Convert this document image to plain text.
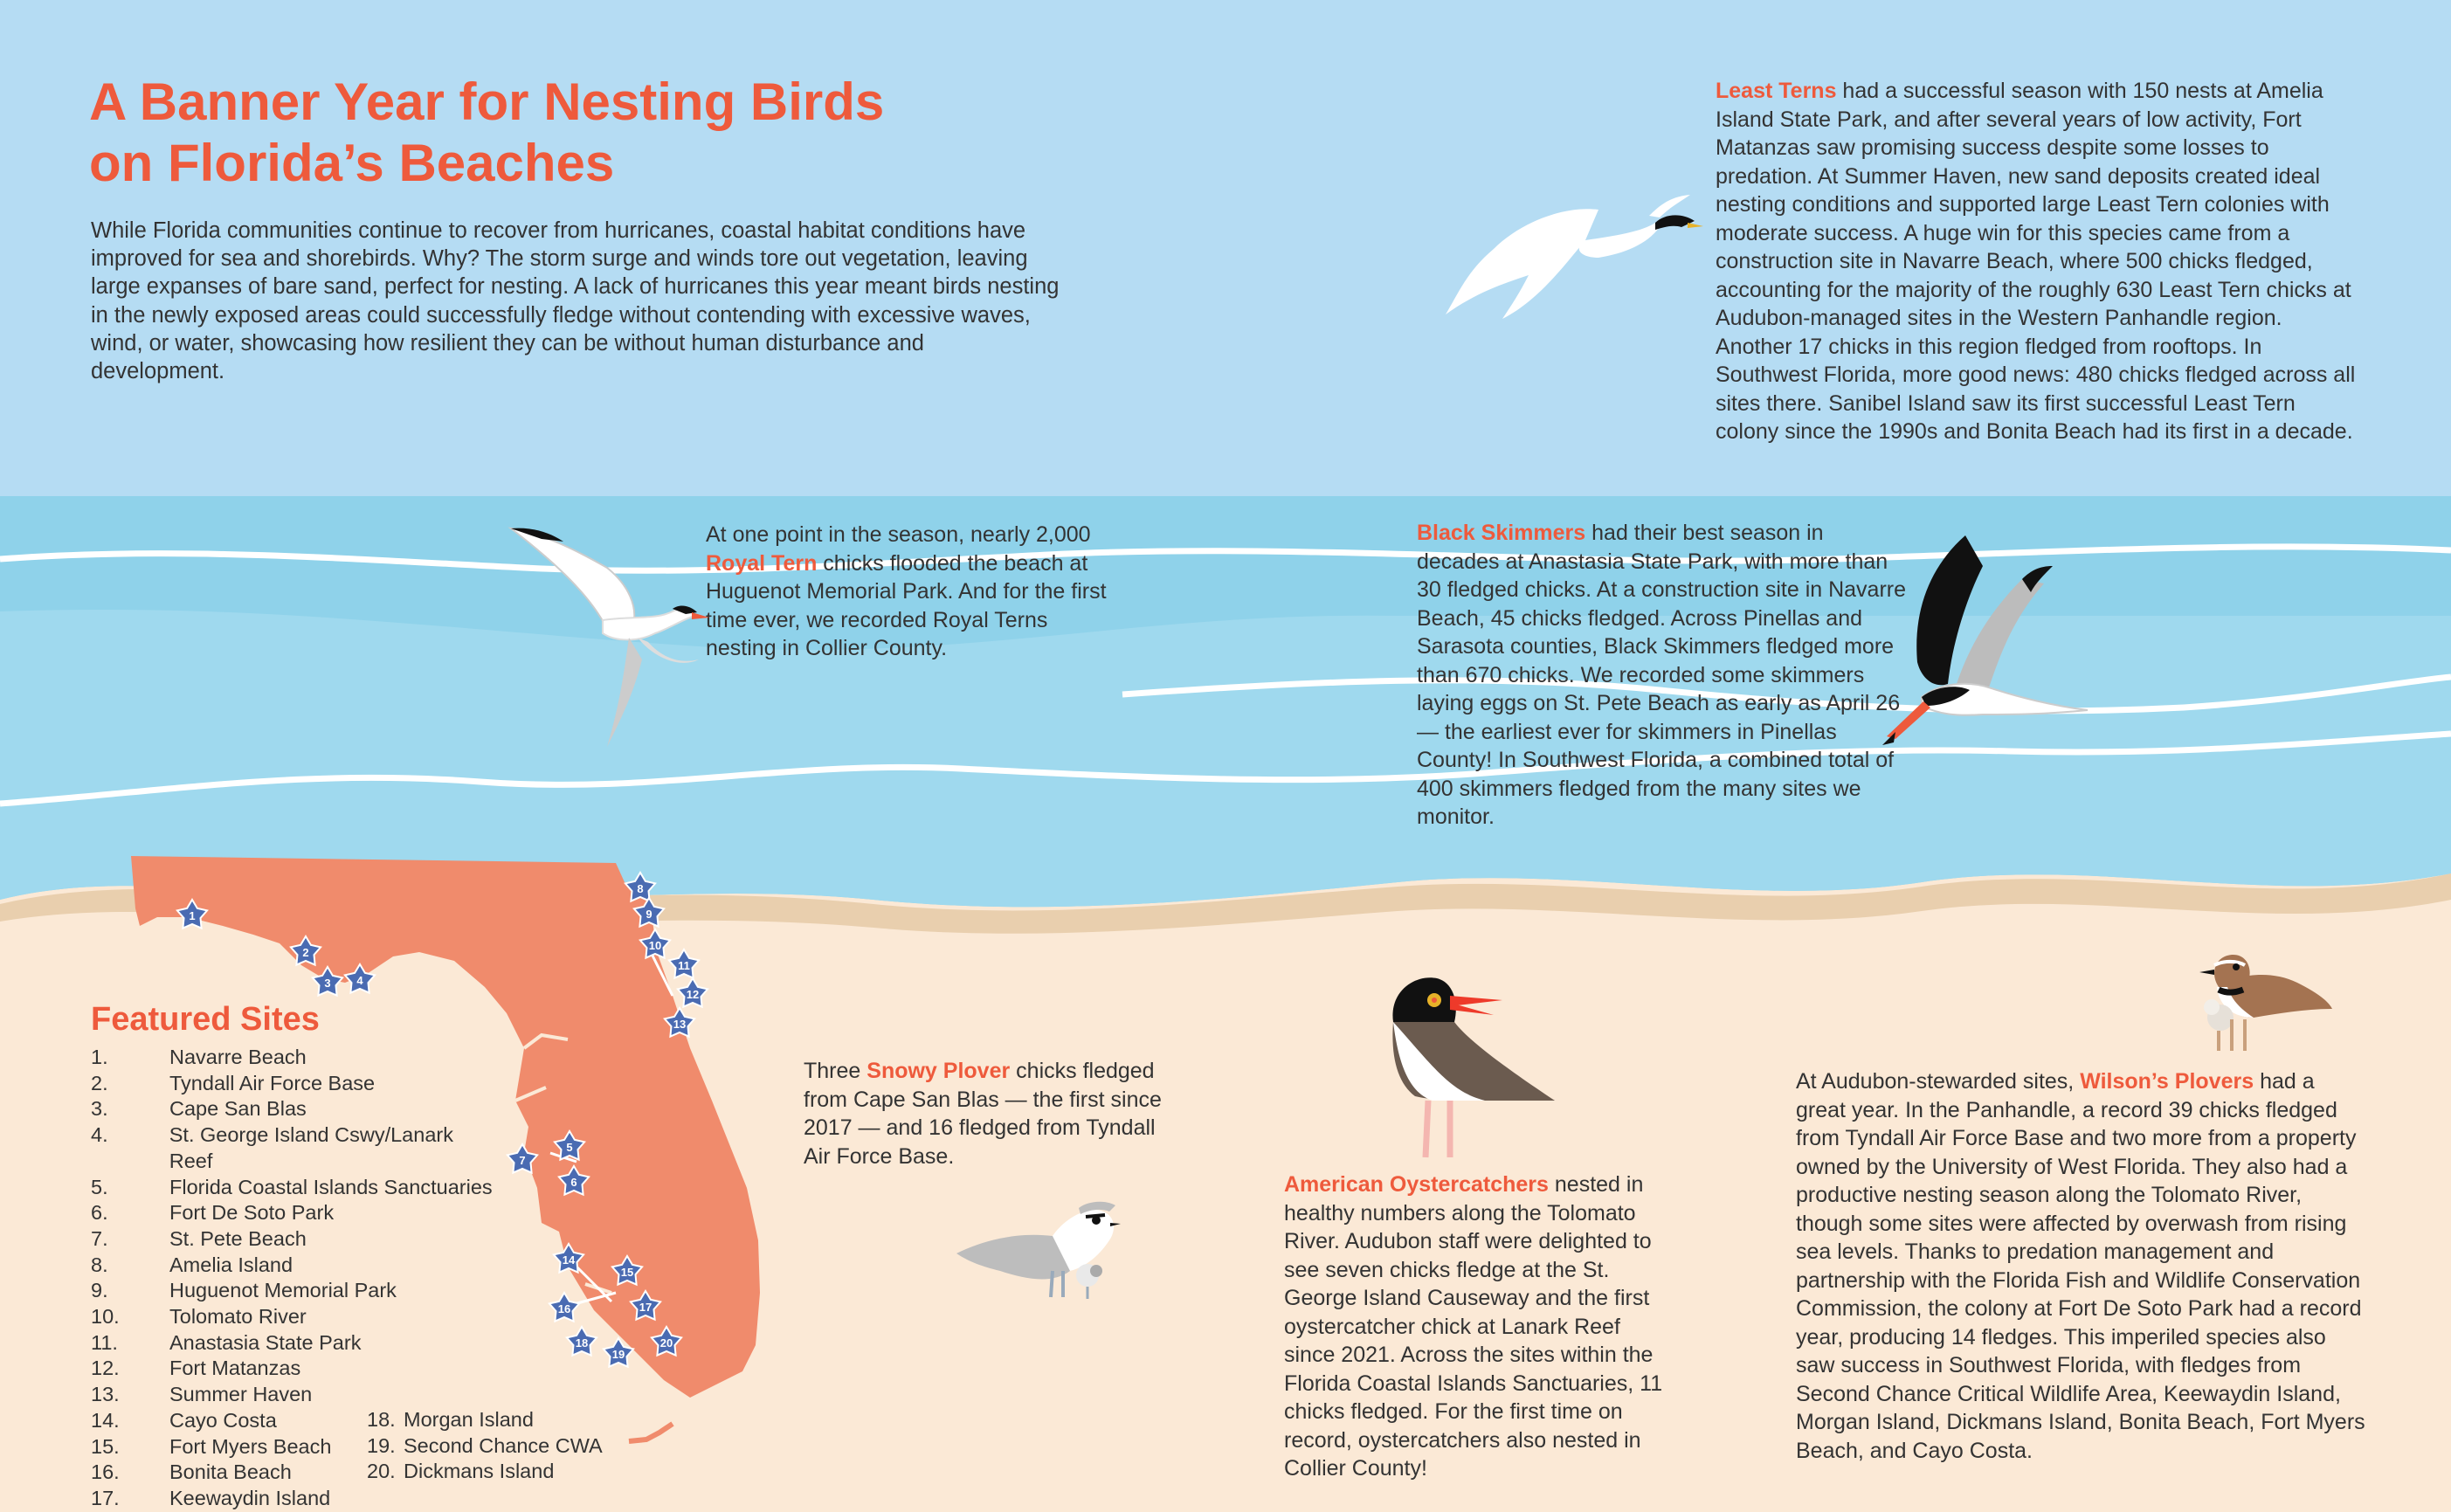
1
2
3 4
5
6
7
8
9
10
11
12
13
14
15
16	17
18
19
20
A Banner Year for Nesting Birds
on Florida’s Beaches

While Florida communities continue to recover from hurricanes, coastal habitat conditions have improved for sea and shorebirds. Why? The storm surge and winds tore out vegetation, leaving large expanses of bare sand, perfect for nesting. A lack of hurricanes this year meant birds nesting in the newly exposed areas could successfully fledge without contending with excessive waves, wind, or water, showcasing how resilient they can be without human disturbance and development.

Least Terns had a successful season with 150 nests at Amelia Island State Park, and after several years of low activity, Fort Matanzas saw promising success despite some losses to predation. At Summer Haven, new sand deposits created ideal nesting conditions and supported large Least Tern colonies with moderate success. A huge win for this species came from a construction site in Navarre Beach, where 500 chicks fledged, accounting for the majority of the roughly 630 Least Tern chicks at Audubon-managed sites in the Western Panhandle region. Another 17 chicks in this region fledged from rooftops. In Southwest Florida, more good news: 480 chicks fledged across all sites there. Sanibel Island saw its first successful Least Tern colony since the 1990s and Bonita Beach had its first in a decade.

At one point in the season, nearly 2,000 Royal Tern chicks flooded the beach at Huguenot Memorial Park. And for the first time ever, we recorded Royal Terns nesting in Collier County.

Black Skimmers had their best season in decades at Anastasia State Park, with more than 30 fledged chicks. At a construction site in Navarre Beach, 45 chicks fledged. Across Pinellas and Sarasota counties, Black Skimmers fledged more than 670 chicks. We recorded some skimmers laying eggs on St. Pete Beach as early as April 26 — the earliest ever for skimmers in Pinellas County! In Southwest Florida, a combined total of 400 skimmers fledged from the many sites we monitor.

Three Snowy Plover chicks fledged from Cape San Blas — the first since 2017 — and 16 fledged from Tyndall Air Force Base.

American Oystercatchers nested in healthy numbers along the Tolomato River. Audubon staff were delighted to see seven chicks fledge at the St. George Island Causeway and the first oystercatcher chick at Lanark Reef since 2021. Across the sites within the Florida Coastal Islands Sanctuaries, 11 chicks fledged. For the first time on record, oystercatchers also nested in Collier County!

At Audubon-stewarded sites, Wilson’s Plovers had a great year. In the Panhandle, a record 39 chicks fledged from Tyndall Air Force Base and two more from a property owned by the University of West Florida. They also had a productive nesting season along the Tolomato River, though some sites were affected by overwash from rising sea levels. Thanks to predation management and partnership with the Florida Fish and Wildlife Conservation Commission, the colony at Fort De Soto Park had a record year, producing 14 fledges. This imperiled species also saw success in Southwest Florida, with fledges from Second Chance Critical Wildlife Area, Keewaydin Island, Morgan Island, Dickmans Island, Bonita Beach, Fort Myers Beach, and Cayo Costa.

Featured Sites
1.	Navarre Beach
2.	Tyndall Air Force Base
3.	Cape San Blas
4.	St. George Island Cswy/Lanark Reef
5.	Florida Coastal Islands Sanctuaries
6.	Fort De Soto Park
7.	St. Pete Beach
8.	Amelia Island
9.	Huguenot Memorial Park
10.	Tolomato River
11.	Anastasia State Park
12.	Fort Matanzas
13.	Summer Haven
14.	Cayo Costa
15.	Fort Myers Beach
16.	Bonita Beach
17.	Keewaydin Island
18. Morgan Island
19. Second Chance CWA
20. Dickmans Island
